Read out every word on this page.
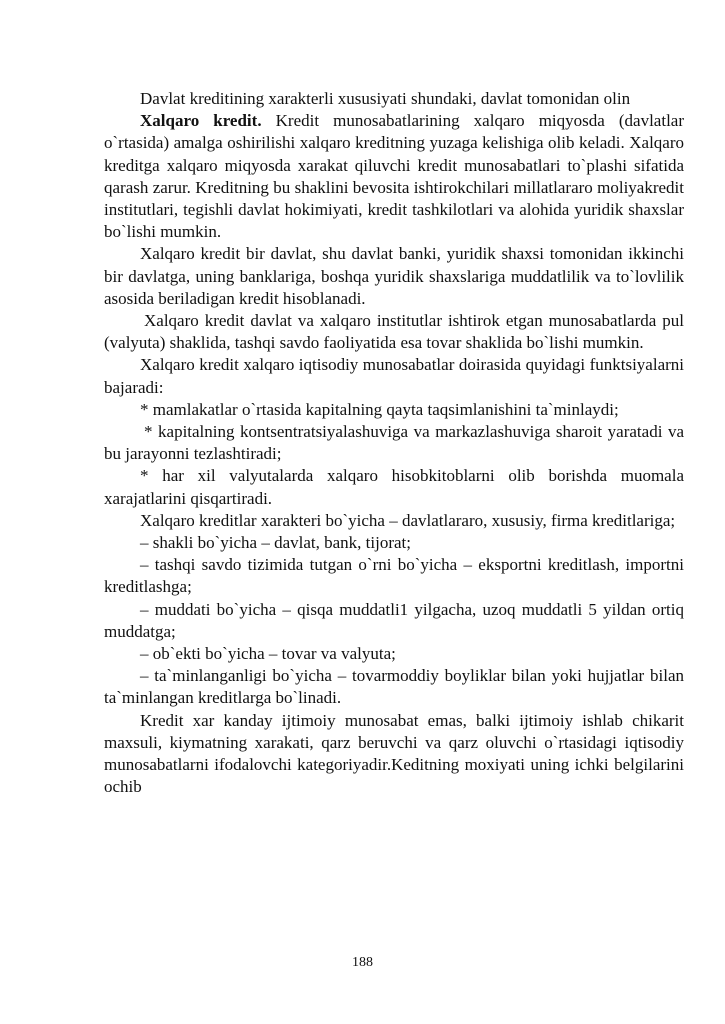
Davlat kreditining xarakterli xususiyati shundaki, davlat tomonidan olin

Xalqaro kredit. Kredit munosabatlarining xalqaro miqyosda (davlatlar o`rtasida) amalga oshirilishi xalqaro kreditning yuzaga kelishiga olib keladi. Xalqaro kreditga xalqaro miqyosda xarakat qiluvchi kredit munosabatlari to`plashi sifatida qarash zarur. Kreditning bu shaklini bevosita ishtirokchilari millatlararo moliyakredit institutlari, tegishli davlat hokimiyati, kredit tashkilotlari va alohida yuridik shaxslar bo`lishi mumkin.

Xalqaro kredit bir davlat, shu davlat banki, yuridik shaxsi tomonidan ikkinchi bir davlatga, uning banklariga, boshqa yuridik shaxslariga muddatlilik va to`lovlilik asosida beriladigan kredit hisoblanadi.

Xalqaro kredit davlat va xalqaro institutlar ishtirok etgan munosabatlarda pul (valyuta) shaklida, tashqi savdo faoliyatida esa tovar shaklida bo`lishi mumkin.

Xalqaro kredit xalqaro iqtisodiy munosabatlar doirasida quyidagi funktsiyalarni bajaradi:

* mamlakatlar o`rtasida kapitalning qayta taqsimlanishini ta`minlaydi;

* kapitalning kontsentratsiyalashuviga va markazlashuviga sharoit yaratadi va bu jarayonni tezlashtiradi;

* har xil valyutalarda xalqaro hisobkitoblarni olib borishda muomala xarajatlarini qisqartiradi.

Xalqaro kreditlar xarakteri bo`yicha – davlatlararo, xususiy, firma kreditlariga;

– shakli bo`yicha – davlat, bank, tijorat;

– tashqi savdo tizimida tutgan o`rni bo`yicha – eksportni kreditlash, importni kreditlashga;

– muddati bo`yicha – qisqa muddatli1 yilgacha, uzoq muddatli 5 yildan ortiq muddatga;

– ob`ekti bo`yicha – tovar va valyuta;

– ta`minlanganligi bo`yicha – tovarmoddiy boyliklar bilan yoki hujjatlar bilan ta`minlangan kreditlarga bo`linadi.

Kredit xar kanday ijtimoiy munosabat emas, balki ijtimoiy ishlab chikarit maxsuli, kiymatning xarakati, qarz beruvchi va qarz oluvchi o`rtasidagi iqtisodiy munosabatlarni ifodalovchi kategoriyadir.Keditning moxiyati uning ichki belgilarini ochib

188
